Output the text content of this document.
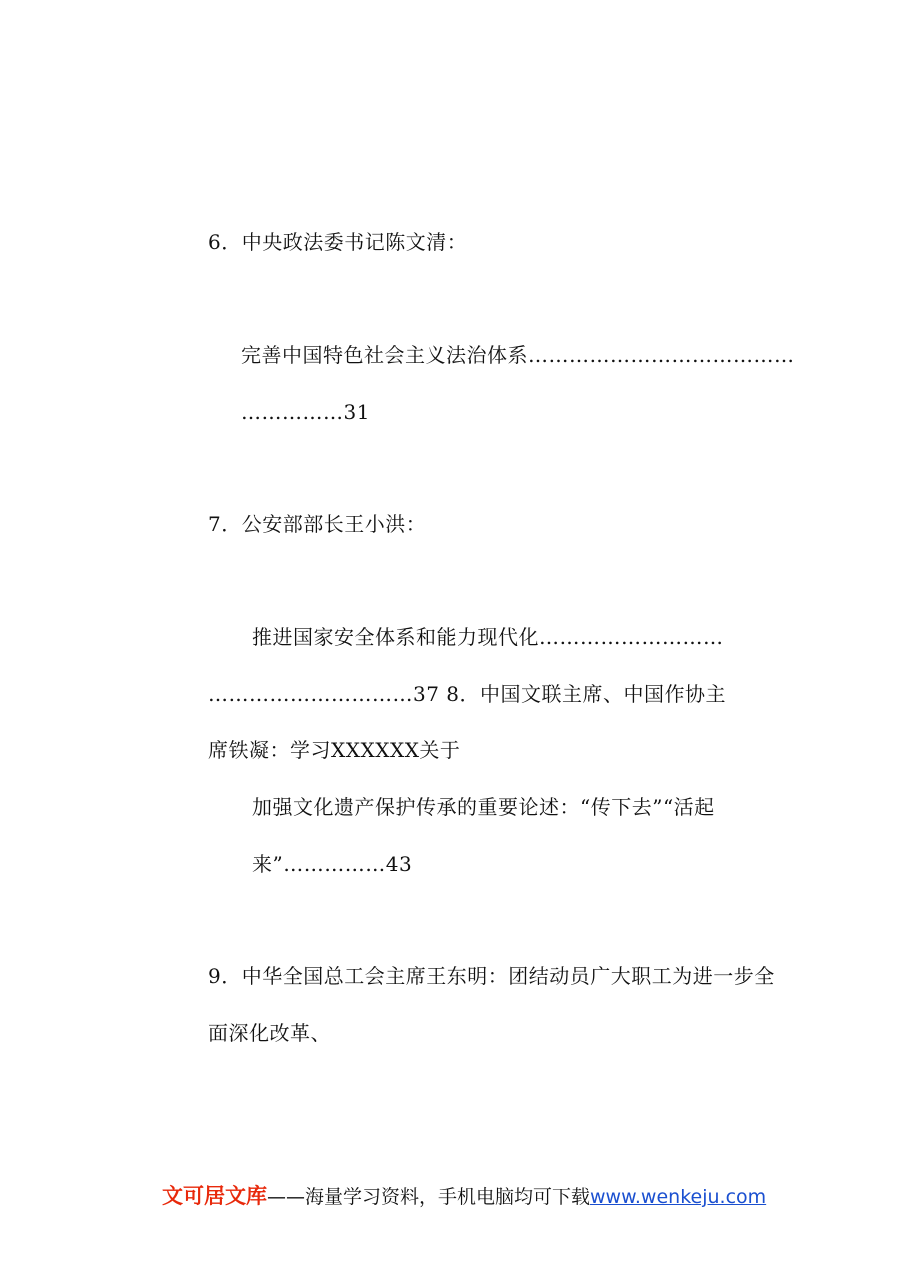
6．中央政法委书记陈文清：
完善中国特色社会主义法治体系…………………………………
……………31
7．公安部部长王小洪：
推进国家安全体系和能力现代化………………………
…………………………37 8．中国文联主席、中国作协主
席铁凝：学习XXXXXX关于
加强文化遗产保护传承的重要论述：“传下去”“活起
来”……………43
9．中华全国总工会主席王东明：团结动员广大职工为进一步全
面深化改革、
文可居文库——海量学习资料，手机电脑均可下载www.wenkeju.com
